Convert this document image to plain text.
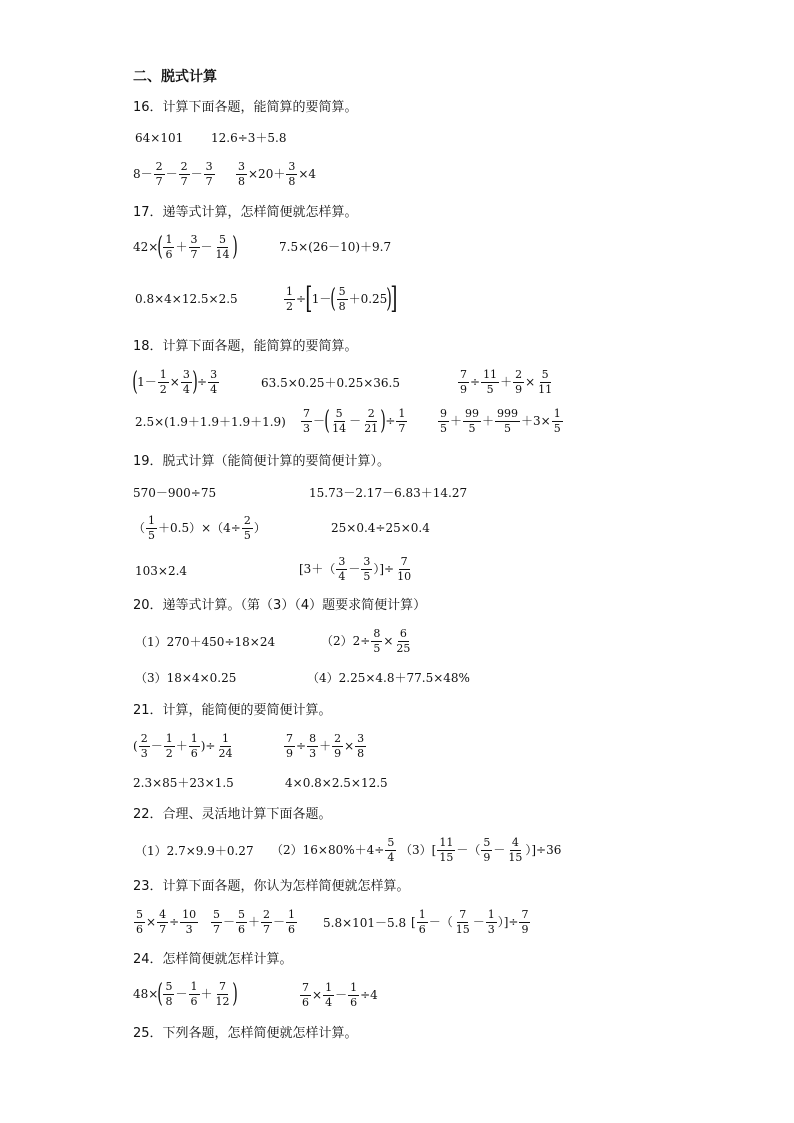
二、脱式计算
16．计算下面各题，能简算的要简算。
17．递等式计算，怎样简便就怎样算。
18．计算下面各题，能简算的要简算。
19．脱式计算（能简便计算的要简便计算）。
20．递等式计算。（第（3）（4）题要求简便计算）
21．计算，能简便的要简便计算。
22．合理、灵活地计算下面各题。
23．计算下面各题，你认为怎样简便就怎样算。
24．怎样简便就怎样计算。
25．下列各题，怎样简便就怎样计算。
64×101 12.6÷3＋5.8
8－
2
7 －
2
7 －
3
$7 \frac{3}{8} \times 20+ \frac{3}{8} \times 4$
42× ( 1
6 ＋
3
7 －
5
14 )	7.5×(26－10)＋9.7
0.8×4×12.5×2.5	$\frac{1}{2}$ ÷ [ 1－ ( 5
8 ＋0.25 )
]
( $1- \frac{1}{2} \times \frac{3}{4}$ ) ÷ $\frac{3}{4}$	63.5×0.25＋0.25×36.5	$\frac{7}{9} \div \frac{11}{5} + \frac{2}{9} \times \frac{5}{11}$
2.5×(1.9＋1.9＋1.9＋1.9)
7
3 － ( 5
14 －
2
21 ) ÷ $\frac{1}{7}$	9
5 ＋
99
5 ＋
999
$5 +3\times \frac{1}{5}$
570－900÷75	15.73－2.17－6.83＋14.27
（
1
$5 +0.5)\times(4\div \frac{2}{5}$ ）	25×0.4÷25×0.4
103×2.4	[3＋（
3
4 －
3
5 ）]÷ $\frac{7}{10}$
（1）270＋450÷18×24	$(2)2\div \frac{8}{5} \times \frac{6}{25}$
（3）18×4×0.25	（4）2.25×4.8＋77.5×48%
(
2
3 －
1
2 ＋
1
6 )÷ $\frac{1}{24}$	$\frac{7}{9} \div \frac{8}{3} + \frac{2}{9} \times \frac{3}{8}$
2.3×85＋23×1.5	4×0.8×2.5×12.5
（1）2.7×9.9＋0.27 $(2)16\times 80\%+4\div \frac{5}{4} (3)$[
11
15 －（
5
9 －
4
15 ）]÷36
$\frac{5}{6} \times \frac{4}{7} \div \frac{10}{3} 5$
7 －
5
6 ＋
2
7 －
1
6 5.8×101－5.8 [
1
6 －（
7
15 －
1
3 ）]÷ $\frac{7}{9}$
48× ( 5
8 －
1
6 ＋
7
12 )	$\frac{7}{6} \times \frac{1}{4} - \frac{1}{6} \div 4$
